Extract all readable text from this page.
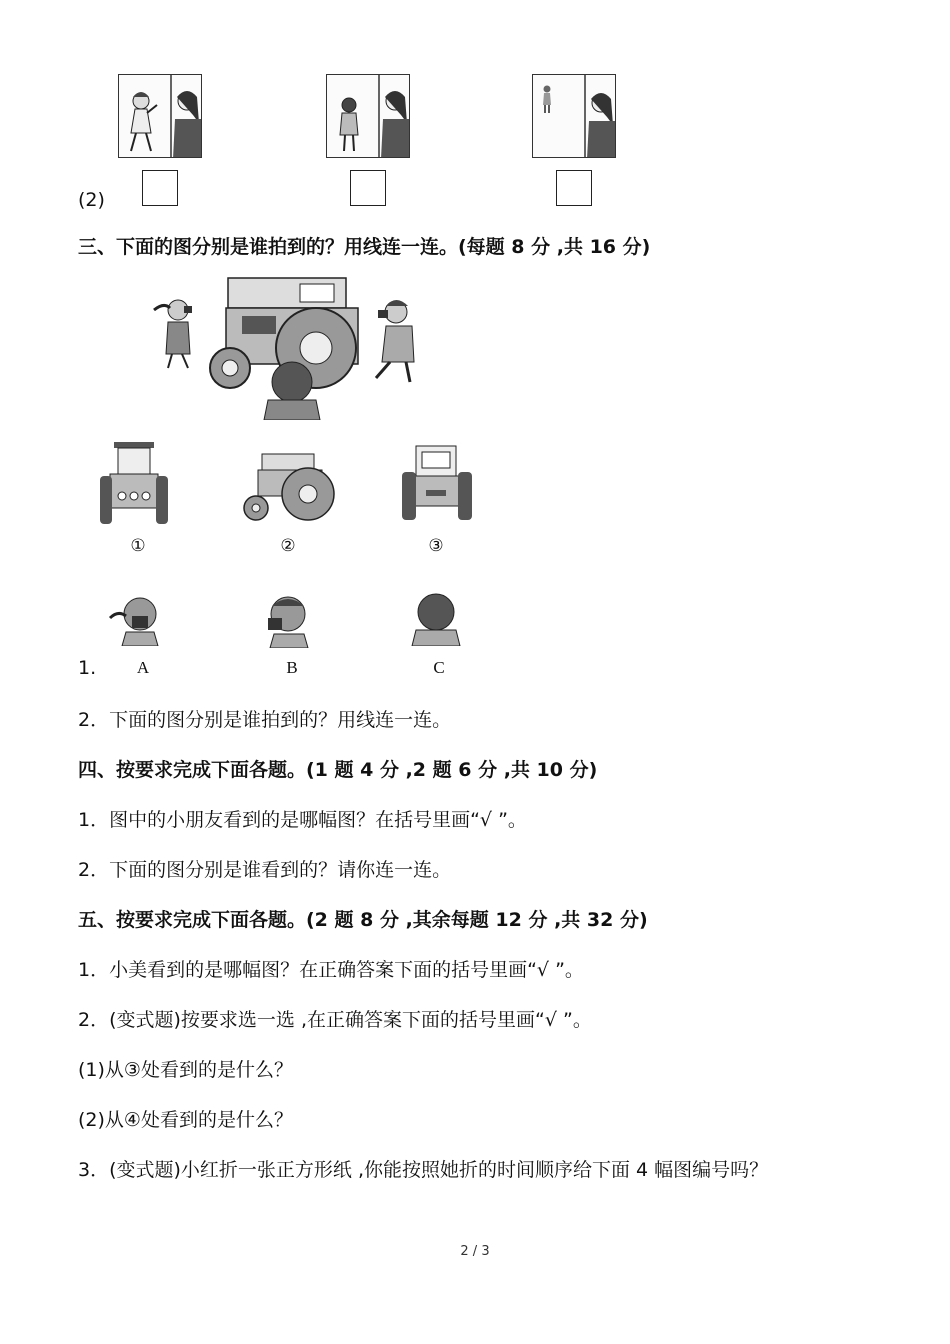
(2)
三、下面的图分别是谁拍到的？用线连一连。(每题 8 分 ,共 16 分)
①	②	③
1.	A	B	C
2．下面的图分别是谁拍到的？用线连一连。
四、按要求完成下面各题。(1 题 4 分 ,2 题 6 分 ,共 10 分)
1．图中的小朋友看到的是哪幅图？在括号里画“√ ”。
2．下面的图分别是谁看到的？请你连一连。
五、按要求完成下面各题。(2 题 8 分 ,其余每题 12 分 ,共 32 分)
1．小美看到的是哪幅图？在正确答案下面的括号里画“√ ”。
2．(变式题)按要求选一选 ,在正确答案下面的括号里画“√ ”。
(1)从③处看到的是什么？
(2)从④处看到的是什么？
3．(变式题)小红折一张正方形纸 ,你能按照她折的时间顺序给下面 4 幅图编号吗？
2 / 3
